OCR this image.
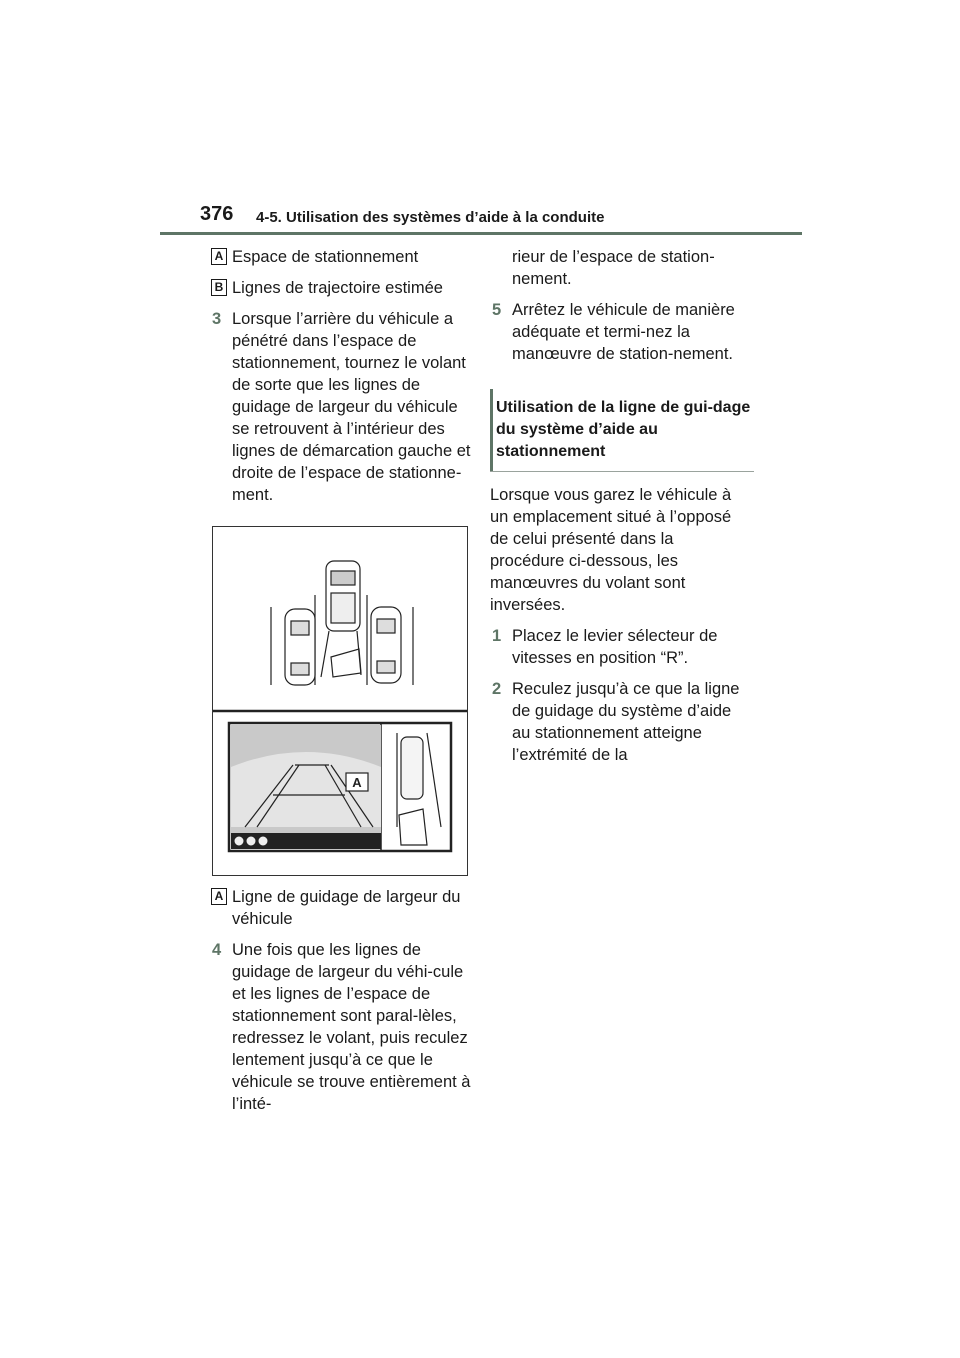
376 4-5. Utilisation des systèmes d’aide à la conduite
A Espace de stationnement
B Lignes de trajectoire estimée
3 Lorsque l’arrière du véhicule a pénétré dans l’espace de stationnement, tournez le volant de sorte que les lignes de guidage de largeur du véhicule se retrouvent à l’intérieur des lignes de démarcation gauche et droite de l’espace de stationne-ment.
A
A Ligne de guidage de largeur du véhicule
4 Une fois que les lignes de guidage de largeur du véhi-cule et les lignes de l’espace de stationnement sont paral-lèles, redressez le volant, puis reculez lentement jusqu’à ce que le véhicule se trouve entièrement à l’inté-
rieur de l’espace de station-nement.
5 Arrêtez le véhicule de manière adéquate et termi-nez la manœuvre de station-nement.
Utilisation de la ligne de gui-dage du système d’aide au stationnement
Lorsque vous garez le véhicule à un emplacement situé à l’opposé de celui présenté dans la procédure ci-dessous, les manœuvres du volant sont inversées.
1 Placez le levier sélecteur de vitesses en position “R”.
2 Reculez jusqu’à ce que la ligne de guidage du système d’aide au stationnement atteigne l’extrémité de la
